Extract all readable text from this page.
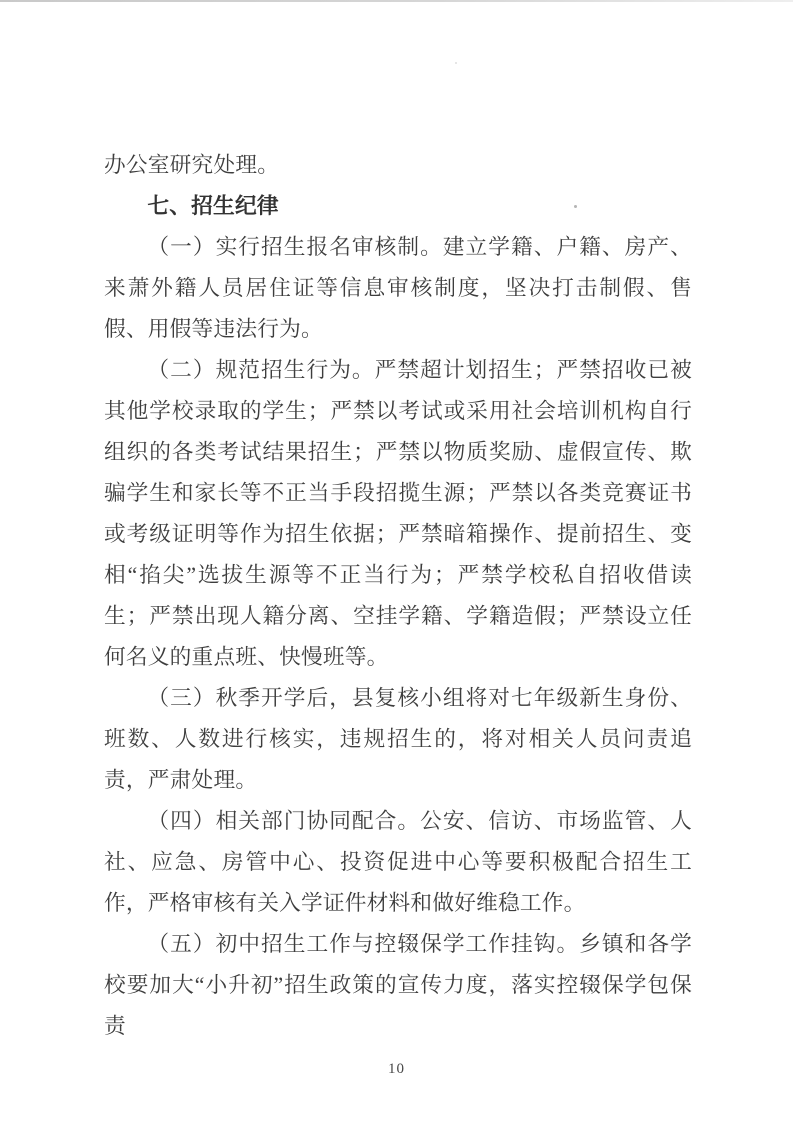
办公室研究处理。

七、招生纪律

（一）实行招生报名审核制。建立学籍、户籍、房产、来萧外籍人员居住证等信息审核制度，坚决打击制假、售假、用假等违法行为。

（二）规范招生行为。严禁超计划招生；严禁招收已被其他学校录取的学生；严禁以考试或采用社会培训机构自行组织的各类考试结果招生；严禁以物质奖励、虚假宣传、欺骗学生和家长等不正当手段招揽生源；严禁以各类竞赛证书或考级证明等作为招生依据；严禁暗箱操作、提前招生、变相“掐尖”选拔生源等不正当行为；严禁学校私自招收借读生；严禁出现人籍分离、空挂学籍、学籍造假；严禁设立任何名义的重点班、快慢班等。

（三）秋季开学后，县复核小组将对七年级新生身份、班数、人数进行核实，违规招生的，将对相关人员问责追责，严肃处理。

（四）相关部门协同配合。公安、信访、市场监管、人社、应急、房管中心、投资促进中心等要积极配合招生工作，严格审核有关入学证件材料和做好维稳工作。

（五）初中招生工作与控辍保学工作挂钩。乡镇和各学校要加大“小升初”招生政策的宣传力度，落实控辍保学包保责

10
